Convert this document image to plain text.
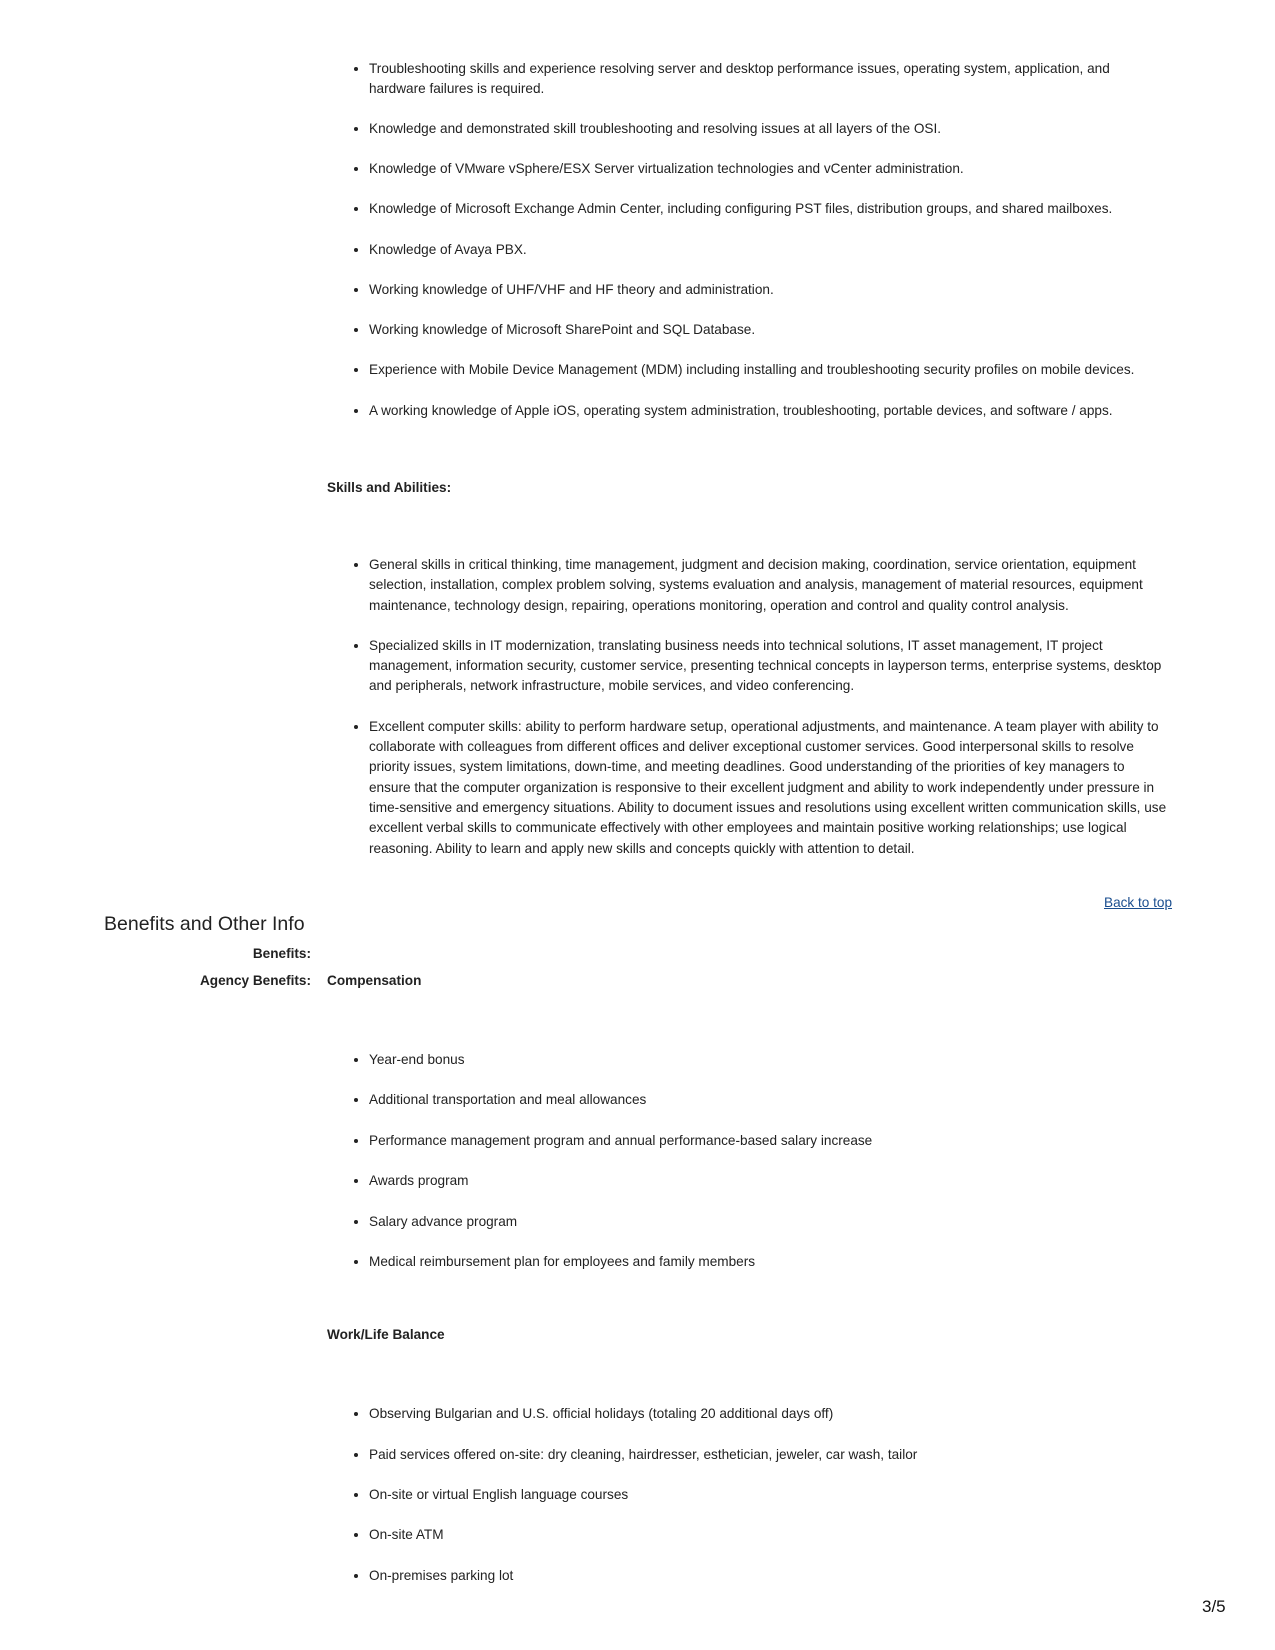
Troubleshooting skills and experience resolving server and desktop performance issues, operating system, application, and hardware failures is required.
Knowledge and demonstrated skill troubleshooting and resolving issues at all layers of the OSI.
Knowledge of VMware vSphere/ESX Server virtualization technologies and vCenter administration.
Knowledge of Microsoft Exchange Admin Center, including configuring PST files, distribution groups, and shared mailboxes.
Knowledge of Avaya PBX.
Working knowledge of UHF/VHF and HF theory and administration.
Working knowledge of Microsoft SharePoint and SQL Database.
Experience with Mobile Device Management (MDM) including installing and troubleshooting security profiles on mobile devices.
A working knowledge of Apple iOS, operating system administration, troubleshooting, portable devices, and software / apps.
Skills and Abilities:
General skills in critical thinking, time management, judgment and decision making, coordination, service orientation, equipment selection, installation, complex problem solving, systems evaluation and analysis, management of material resources, equipment maintenance, technology design, repairing, operations monitoring, operation and control and quality control analysis.
Specialized skills in IT modernization, translating business needs into technical solutions, IT asset management, IT project management, information security, customer service, presenting technical concepts in layperson terms, enterprise systems, desktop and peripherals, network infrastructure, mobile services, and video conferencing.
Excellent computer skills: ability to perform hardware setup, operational adjustments, and maintenance. A team player with ability to collaborate with colleagues from different offices and deliver exceptional customer services. Good interpersonal skills to resolve priority issues, system limitations, down-time, and meeting deadlines. Good understanding of the priorities of key managers to ensure that the computer organization is responsive to their excellent judgment and ability to work independently under pressure in time-sensitive and emergency situations. Ability to document issues and resolutions using excellent written communication skills, use excellent verbal skills to communicate effectively with other employees and maintain positive working relationships; use logical reasoning. Ability to learn and apply new skills and concepts quickly with attention to detail.
Back to top
Benefits and Other Info
Benefits:
Agency Benefits: Compensation
Year-end bonus
Additional transportation and meal allowances
Performance management program and annual performance-based salary increase
Awards program
Salary advance program
Medical reimbursement plan for employees and family members
Work/Life Balance
Observing Bulgarian and U.S. official holidays (totaling 20 additional days off)
Paid services offered on-site: dry cleaning, hairdresser, esthetician, jeweler, car wash, tailor
On-site or virtual English language courses
On-site ATM
On-premises parking lot
3/5
